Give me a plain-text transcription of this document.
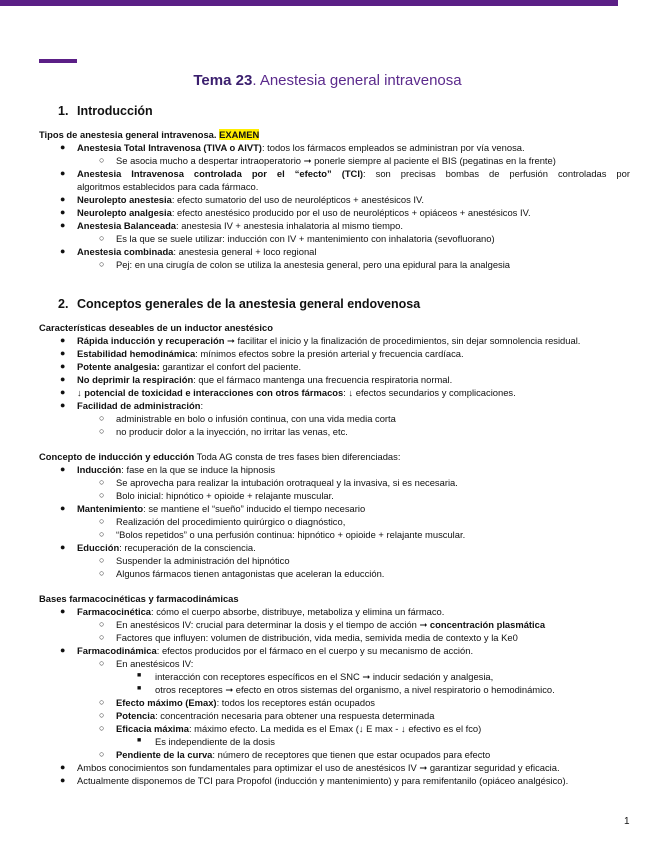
Tema 23. Anestesia general intravenosa
1. Introducción
Tipos de anestesia general intravenosa. EXAMEN
● Anestesia Total Intravenosa (TIVA o AIVT): todos los fármacos empleados se administran por vía venosa.
○ Se asocia mucho a despertar intraoperatorio ➞ ponerle siempre al paciente el BIS (pegatinas en la frente)
● Anestesia Intravenosa controlada por el “efecto” (TCI): son precisas bombas de perfusión controladas por
algoritmos establecidos para cada fármaco.
● Neurolepto anestesia: efecto sumatorio del uso de neurolépticos + anestésicos IV.
● Neurolepto analgesia: efecto anestésico producido por el uso de neurolépticos + opiáceos + anestésicos IV.
● Anestesia Balanceada: anestesia IV + anestesia inhalatoria al mismo tiempo.
○ Es la que se suele utilizar: inducción con IV + mantenimiento con inhalatoria (sevofluorano)
● Anestesia combinada: anestesia general + loco regional
○ Pej: en una cirugía de colon se utiliza la anestesia general, pero una epidural para la analgesia
2. Conceptos generales de la anestesia general endovenosa
Características deseables de un inductor anestésico
● Rápida inducción y recuperación ➞ facilitar el inicio y la finalización de procedimientos, sin dejar somnolencia residual.
● Estabilidad hemodinámica: mínimos efectos sobre la presión arterial y frecuencia cardíaca.
● Potente analgesia: garantizar el confort del paciente.
● No deprimir la respiración: que el fármaco mantenga una frecuencia respiratoria normal.
● ↓ potencial de toxicidad e interacciones con otros fármacos: ↓ efectos secundarios y complicaciones.
● Facilidad de administración:
○ administrable en bolo o infusión continua, con una vida media corta
○ no producir dolor a la inyección, no irritar las venas, etc.
Concepto de inducción y educción Toda AG consta de tres fases bien diferenciadas:
● Inducción: fase en la que se induce la hipnosis
○ Se aprovecha para realizar la intubación orotraqueal y la invasiva, si es necesaria.
○ Bolo inicial: hipnótico + opioide + relajante muscular.
● Mantenimiento: se mantiene el “sueño” inducido el tiempo necesario
○ Realización del procedimiento quirúrgico o diagnóstico,
○ “Bolos repetidos” o una perfusión continua: hipnótico + opioide + relajante muscular.
● Educción: recuperación de la consciencia.
○ Suspender la administración del hipnótico
○ Algunos fármacos tienen antagonistas que aceleran la educción.
Bases farmacocinéticas y farmacodinámicas
● Farmacocinética: cómo el cuerpo absorbe, distribuye, metaboliza y elimina un fármaco.
○ En anestésicos IV: crucial para determinar la dosis y el tiempo de acción ➞ concentración plasmática
○ Factores que influyen: volumen de distribución, vida media, semivida media de contexto y la Ke0
● Farmacodinámica: efectos producidos por el fármaco en el cuerpo y su mecanismo de acción.
○ En anestésicos IV:
■ interacción con receptores específicos en el SNC ➞ inducir sedación y analgesia,
■ otros receptores ➞ efecto en otros sistemas del organismo, a nivel respiratorio o hemodinámico.
○ Efecto máximo (Emax): todos los receptores están ocupados
○ Potencia: concentración necesaria para obtener una respuesta determinada
○ Eficacia máxima: máximo efecto. La medida es el Emax (↓ E max - ↓ efectivo es el fco)
■ Es independiente de la dosis
○ Pendiente de la curva: número de receptores que tienen que estar ocupados para efecto
● Ambos conocimientos son fundamentales para optimizar el uso de anestésicos IV ➞ garantizar seguridad y eficacia.
● Actualmente disponemos de TCI para Propofol (inducción y mantenimiento) y para remifentanilo (opiáceo analgésico).
1
